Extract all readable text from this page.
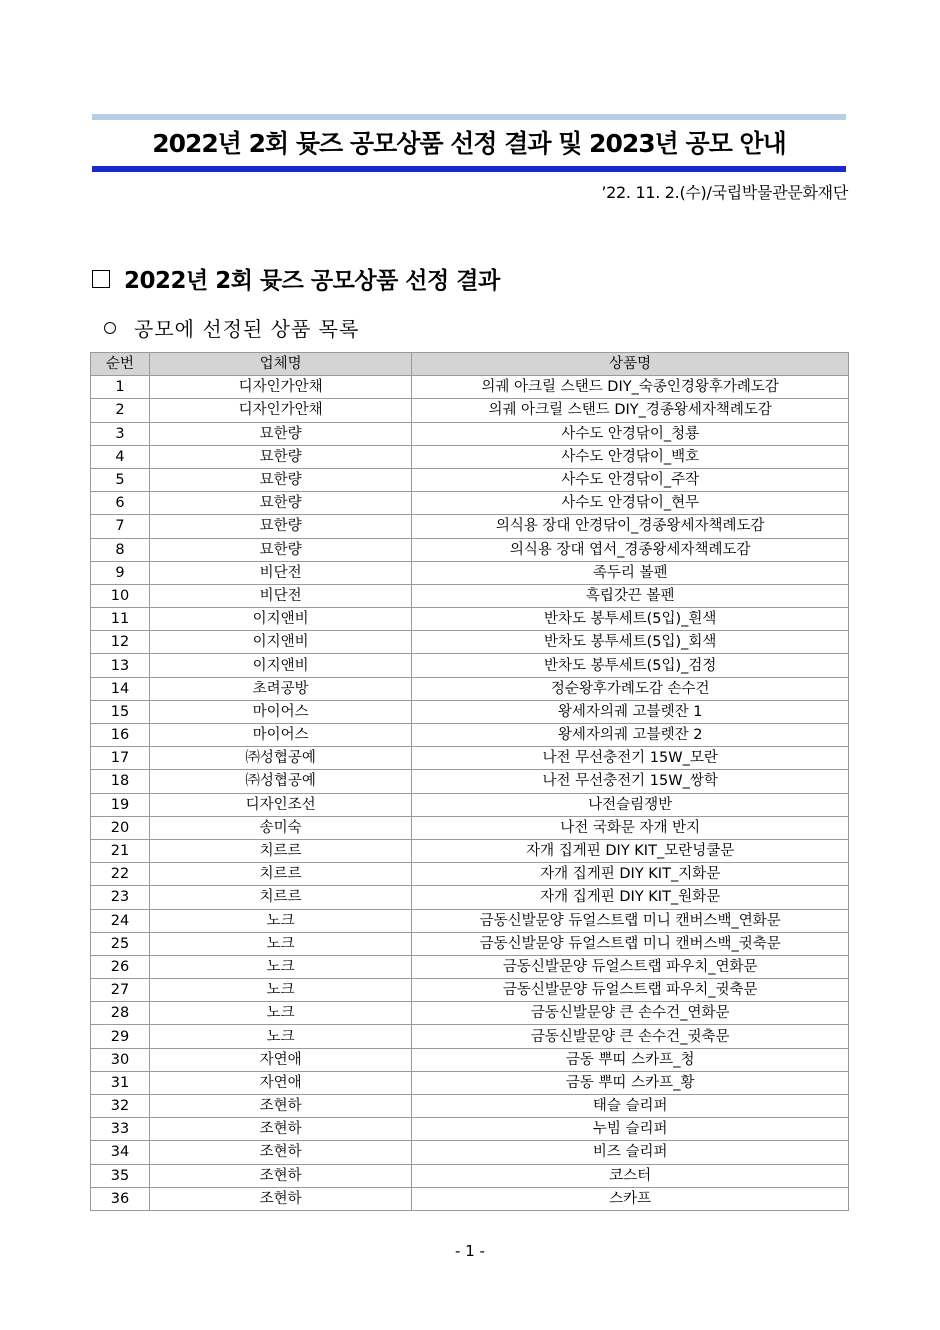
2022년 2회 뮷즈 공모상품 선정 결과 및 2023년 공모 안내
’22. 11. 2.(수)/국립박물관문화재단
2022년 2회 뮷즈 공모상품 선정 결과
공모에 선정된 상품 목록
순번	업체명	상품명
1	디자인가안채	의궤 아크릴 스탠드 DIY_숙종인경왕후가례도감
2	디자인가안채	의궤 아크릴 스탠드 DIY_경종왕세자책례도감
3	묘한량	사수도 안경닦이_청룡
4	묘한량	사수도 안경닦이_백호
5	묘한량	사수도 안경닦이_주작
6	묘한량	사수도 안경닦이_현무
7	묘한량	의식용 장대 안경닦이_경종왕세자책례도감
8	묘한량	의식용 장대 엽서_경종왕세자책례도감
9	비단전	족두리 볼펜
10	비단전	흑립갓끈 볼펜
11	이지앤비	반차도 봉투세트(5입)_흰색
12	이지앤비	반차도 봉투세트(5입)_회색
13	이지앤비	반차도 봉투세트(5입)_검정
14	초려공방	정순왕후가례도감 손수건
15	마이어스	왕세자의궤 고블렛잔 1
16	마이어스	왕세자의궤 고블렛잔 2
17	㈜성협공예	나전 무선충전기 15W_모란
18	㈜성협공예	나전 무선충전기 15W_쌍학
19	디자인조선	나전슬림쟁반
20	송미숙	나전 국화문 자개 반지
21	치르르	자개 집게핀 DIY KIT_모란넝쿨문
22	치르르	자개 집게핀 DIY KIT_지화문
23	치르르	자개 집게핀 DIY KIT_원화문
24	노크	금동신발문양 듀얼스트랩 미니 캔버스백_연화문
25	노크	금동신발문양 듀얼스트랩 미니 캔버스백_귓축문
26	노크	금동신발문양 듀얼스트랩 파우치_연화문
27	노크	금동신발문양 듀얼스트랩 파우치_귓축문
28	노크	금동신발문양 큰 손수건_연화문
29	노크	금동신발문양 큰 손수건_귓축문
30	자연애	금동 뿌띠 스카프_청
31	자연애	금동 뿌띠 스카프_황
32	조현하	태슬 슬리퍼
33	조현하	누빔 슬리퍼
34	조현하	비즈 슬리퍼
35	조현하	코스터
36	조현하	스카프
- 1 -
